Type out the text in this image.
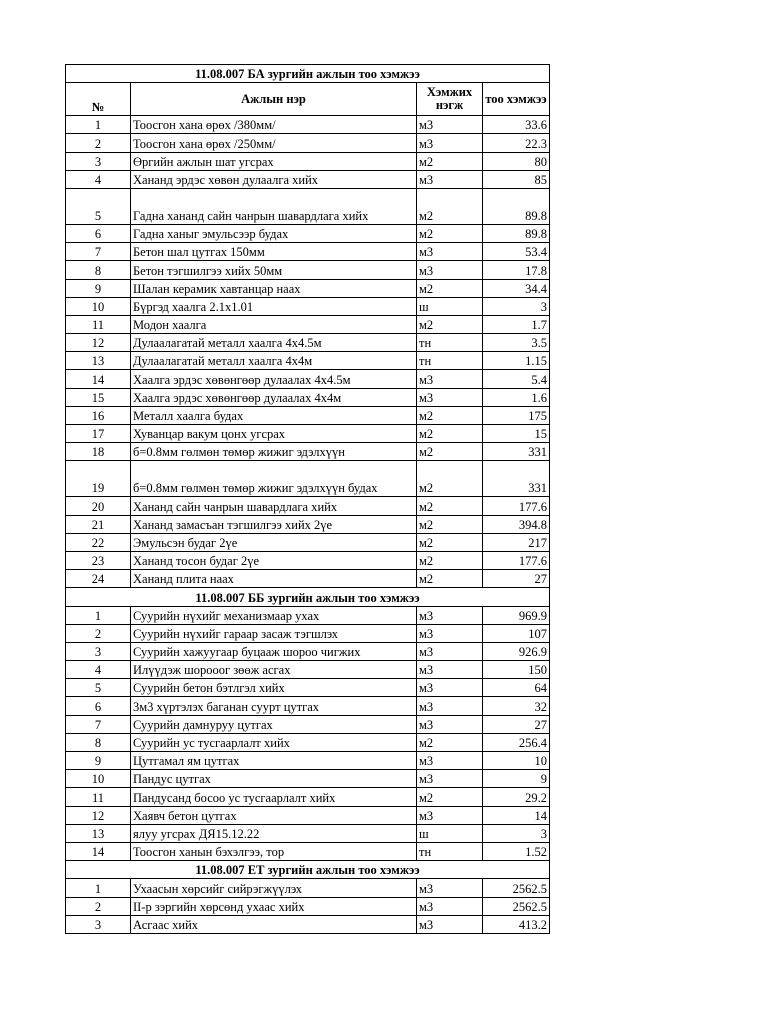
11.08.007 БА зургийн ажлын тоо хэмжээ			
№	Ажлын нэр	Хэмжих нэгж	тоо хэмжээ
1	Тоосгон хана өрөх /380мм/	м3	33.6
2	Тоосгон хана өрөх /250мм/	м3	22.3
3	Өргийн ажлын шат угсрах	м2	80
4	Хананд эрдэс хөвөн дулаалга хийх	м3	85
5	Гадна хананд сайн чанрын шавардлага хийх	м2	89.8
6	Гадна ханыг эмульсээр будах	м2	89.8
7	Бетон шал цутгах 150мм	м3	53.4
8	Бетон тэгшилгээ хийх 50мм	м3	17.8
9	Шалан керамик хавтанцар наах	м2	34.4
10	Бүргэд хаалга 2.1x1.01	ш	3
11	Модон хаалга	м2	1.7
12	Дулаалагатай металл хаалга 4х4.5м	тн	3.5
13	Дулаалагатай металл хаалга 4х4м	тн	1.15
14	Хаалга эрдэс хөвөнгөөр дулаалах 4х4.5м	м3	5.4
15	Хаалга эрдэс хөвөнгөөр дулаалах 4х4м	м3	1.6
16	Металл хаалга будах	м2	175
17	Хуванцар вакум цонх угсрах	м2	15
18	б=0.8мм гөлмөн төмөр жижиг эдэлхүүн	м2	331
19	б=0.8мм гөлмөн төмөр жижиг эдэлхүүн будах	м2	331
20	Хананд сайн чанрын шавардлага хийх	м2	177.6
21	Хананд замасъан тэгшилгээ хийх 2үе	м2	394.8
22	Эмульсэн будаг 2үе	м2	217
23	Хананд тосон будаг 2үе	м2	177.6
24	Хананд плита наах	м2	27
11.08.007 ББ зургийн ажлын тоо хэмжээ			
1	Суурийн нүхийг механизмаар ухах	м3	969.9
2	Суурийн нүхийг гараар засаж тэгшлэх	м3	107
3	Суурийн хажуугаар буцааж шороо чигжих	м3	926.9
4	Илүүдэж шорооог зөөж асгах	м3	150
5	Суурийн бетон бэтлгэл хийх	м3	64
6	3м3 хүртэлэх баганан суурт цутгах	м3	32
7	Суурийн дамнуруу цутгах	м3	27
8	Суурийн ус тусгаарлалт хийх	м2	256.4
9	Цутгамал ям цутгах	м3	10
10	Пандус цутгах	м3	9
11	Пандусанд босоо ус тусгаарлалт хийх	м2	29.2
12	Хаявч бетон цутгах	м3	14
13	ялуу угсрах ДЯ15.12.22	ш	3
14	Тоосгон ханын бэхэлгээ, тор	тн	1.52
11.08.007 ЕТ зургийн ажлын тоо хэмжээ			
1	Ухаасын хөрсийг сийрэгжүүлэх	м3	2562.5
2	II-р зэргийн хөрсөнд ухаас хийх	м3	2562.5
3	Асгаас хийх	м3	413.2
